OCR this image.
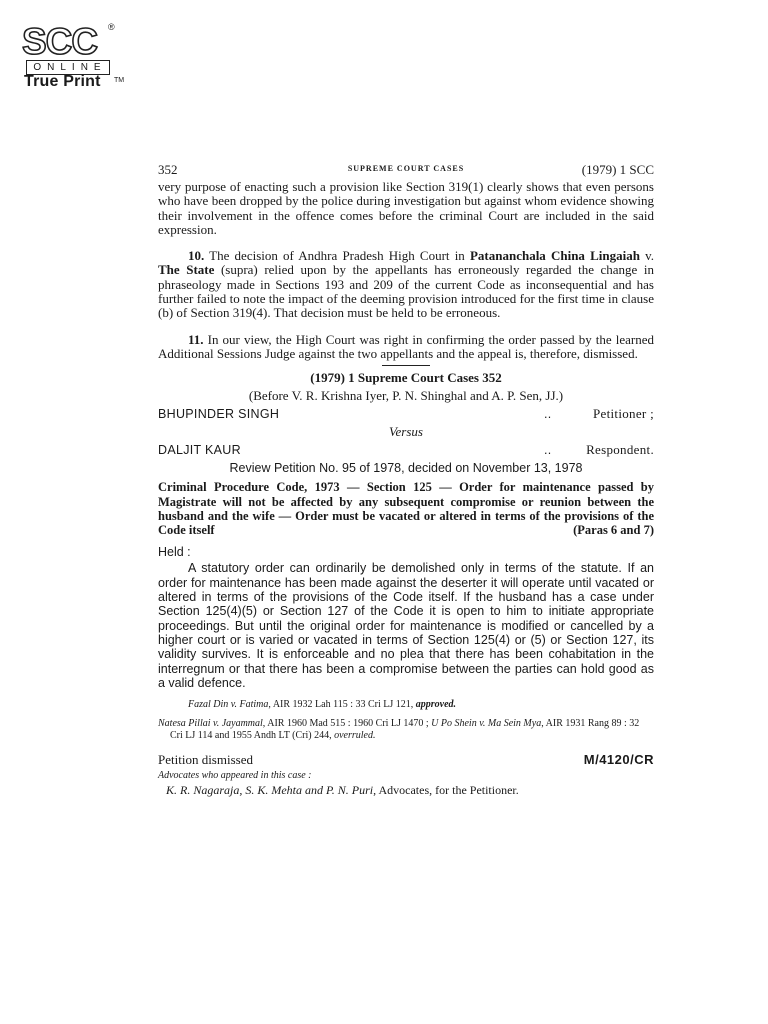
SCC ®
ONLINE
True Print TM
352	SUPREME COURT CASES	(1979) 1 SCC

very purpose of enacting such a provision like Section 319(1) clearly shows that even persons who have been dropped by the police during investigation but against whom evidence showing their involvement in the offence comes before the criminal Court are included in the said expression.

10. The decision of Andhra Pradesh High Court in Patananchala China Lingaiah v. The State (supra) relied upon by the appellants has erroneously regarded the change in phraseology made in Sections 193 and 209 of the current Code as inconsequential and has further failed to note the impact of the deeming provision introduced for the first time in clause (b) of Section 319(4). That decision must be held to be erroneous.

11. In our view, the High Court was right in confirming the order passed by the learned Additional Sessions Judge against the two appellants and the appeal is, therefore, dismissed.

(1979) 1 Supreme Court Cases 352
(Before V. R. Krishna Iyer, P. N. Shinghal and A. P. Sen, JJ.)
BHUPINDER SINGH	..	Petitioner ;
Versus
DALJIT KAUR	..	Respondent.
Review Petition No. 95 of 1978, decided on November 13, 1978
Criminal Procedure Code, 1973 — Section 125 — Order for maintenance passed by Magistrate will not be affected by any subsequent compromise or reunion between the husband and the wife — Order must be vacated or altered in terms of the provisions of the Code itself	(Paras 6 and 7)
Held :

A statutory order can ordinarily be demolished only in terms of the statute. If an order for maintenance has been made against the deserter it will operate until vacated or altered in terms of the provisions of the Code itself. If the husband has a case under Section 125(4)(5) or Section 127 of the Code it is open to him to initiate appropriate proceedings. But until the original order for maintenance is modified or cancelled by a higher court or is varied or vacated in terms of Section 125(4) or (5) or Section 127, its validity survives. It is enforceable and no plea that there has been cohabitation in the interregnum or that there has been a compromise between the parties can hold good as a valid defence.

Fazal Din v. Fatima, AIR 1932 Lah 115 : 33 Cri LJ 121, approved.

Natesa Pillai v. Jayammal, AIR 1960 Mad 515 : 1960 Cri LJ 1470 ; U Po Shein v. Ma Sein Mya, AIR 1931 Rang 89 : 32 Cri LJ 114 and 1955 Andh LT (Cri) 244, overruled.

Petition dismissed	M/4120/CR
Advocates who appeared in this case :
K. R. Nagaraja, S. K. Mehta and P. N. Puri, Advocates, for the Petitioner.
